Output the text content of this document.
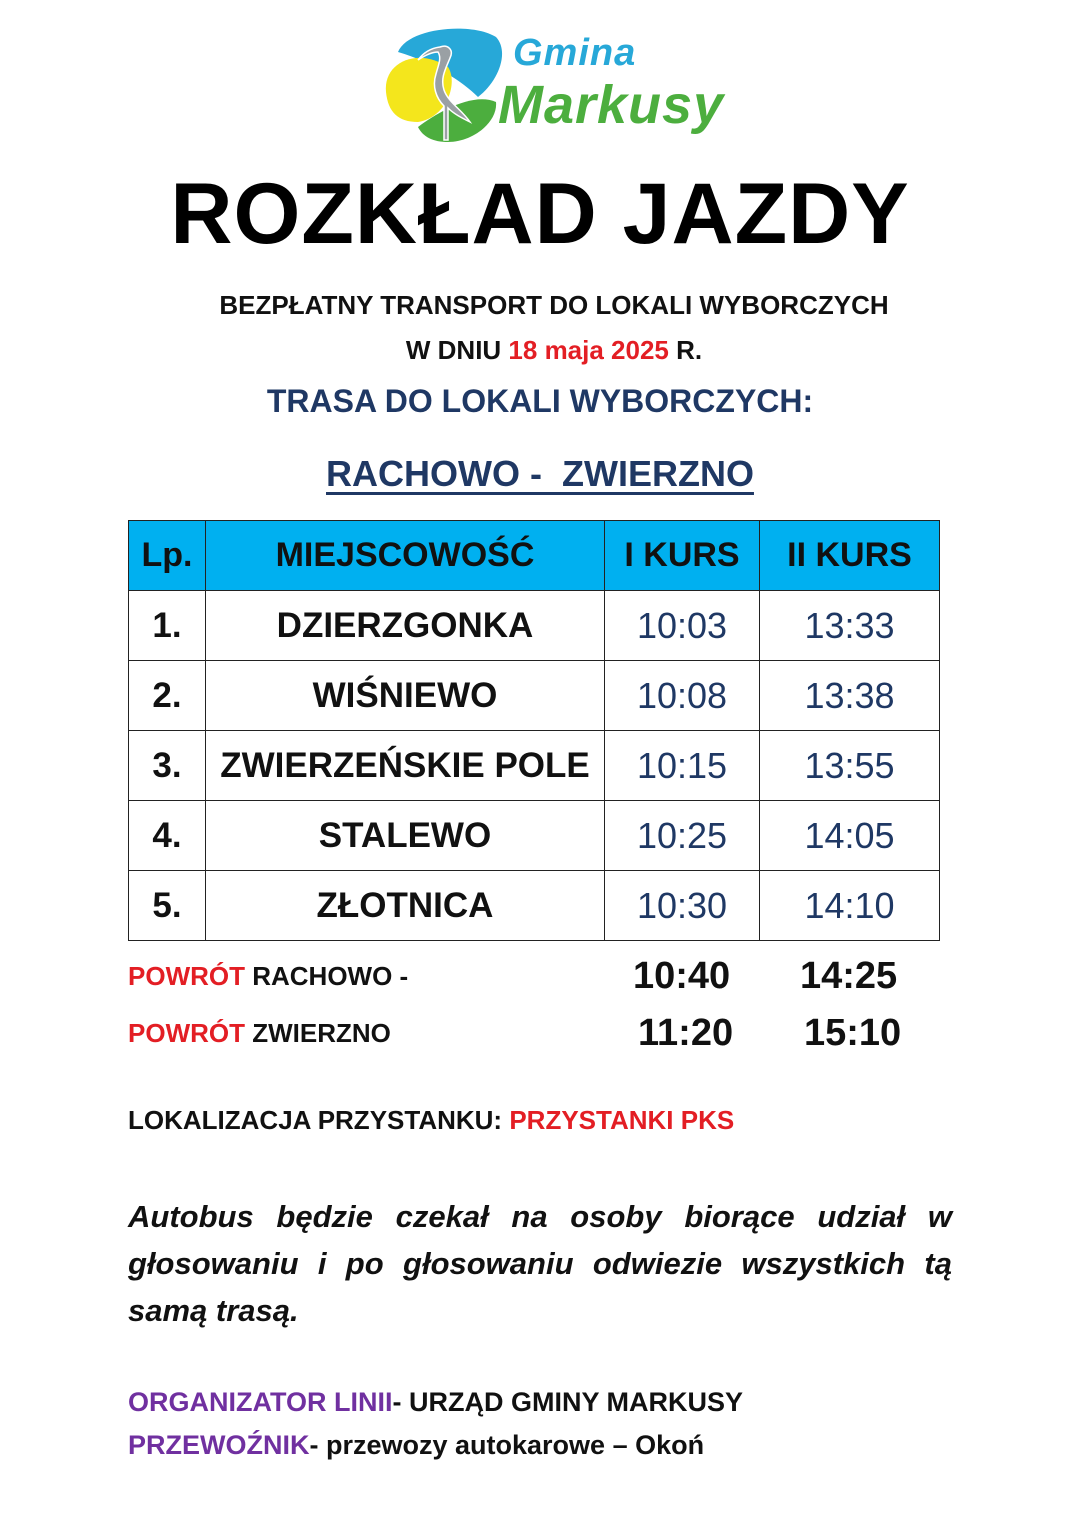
Gmina
Markusy
ROZKŁAD JAZDY
BEZPŁATNY TRANSPORT DO LOKALI WYBORCZYCH
W DNIU 18 maja 2025 R.
TRASA DO LOKALI WYBORCZYCH:
RACHOWO -  ZWIERZNO
Lp.	MIEJSCOWOŚĆ	I KURS	II KURS
1.	DZIERZGONKA	10:03	13:33
2.	WIŚNIEWO	10:08	13:38
3.	ZWIERZEŃSKIE POLE	10:15	13:55
4.	STALEWO	10:25	14:05
5.	ZŁOTNICA	10:30	14:10
POWRÓT RACHOWO -	10:40 14:25
POWRÓT ZWIERZNO	11:20 15:10
LOKALIZACJA PRZYSTANKU: PRZYSTANKI PKS
Autobus będzie czekał na osoby biorące udział w głosowaniu i po głosowaniu odwiezie wszystkich tą samą trasą.
ORGANIZATOR LINII- URZĄD GMINY MARKUSY
PRZEWOŹNIK- przewozy autokarowe – Okoń
